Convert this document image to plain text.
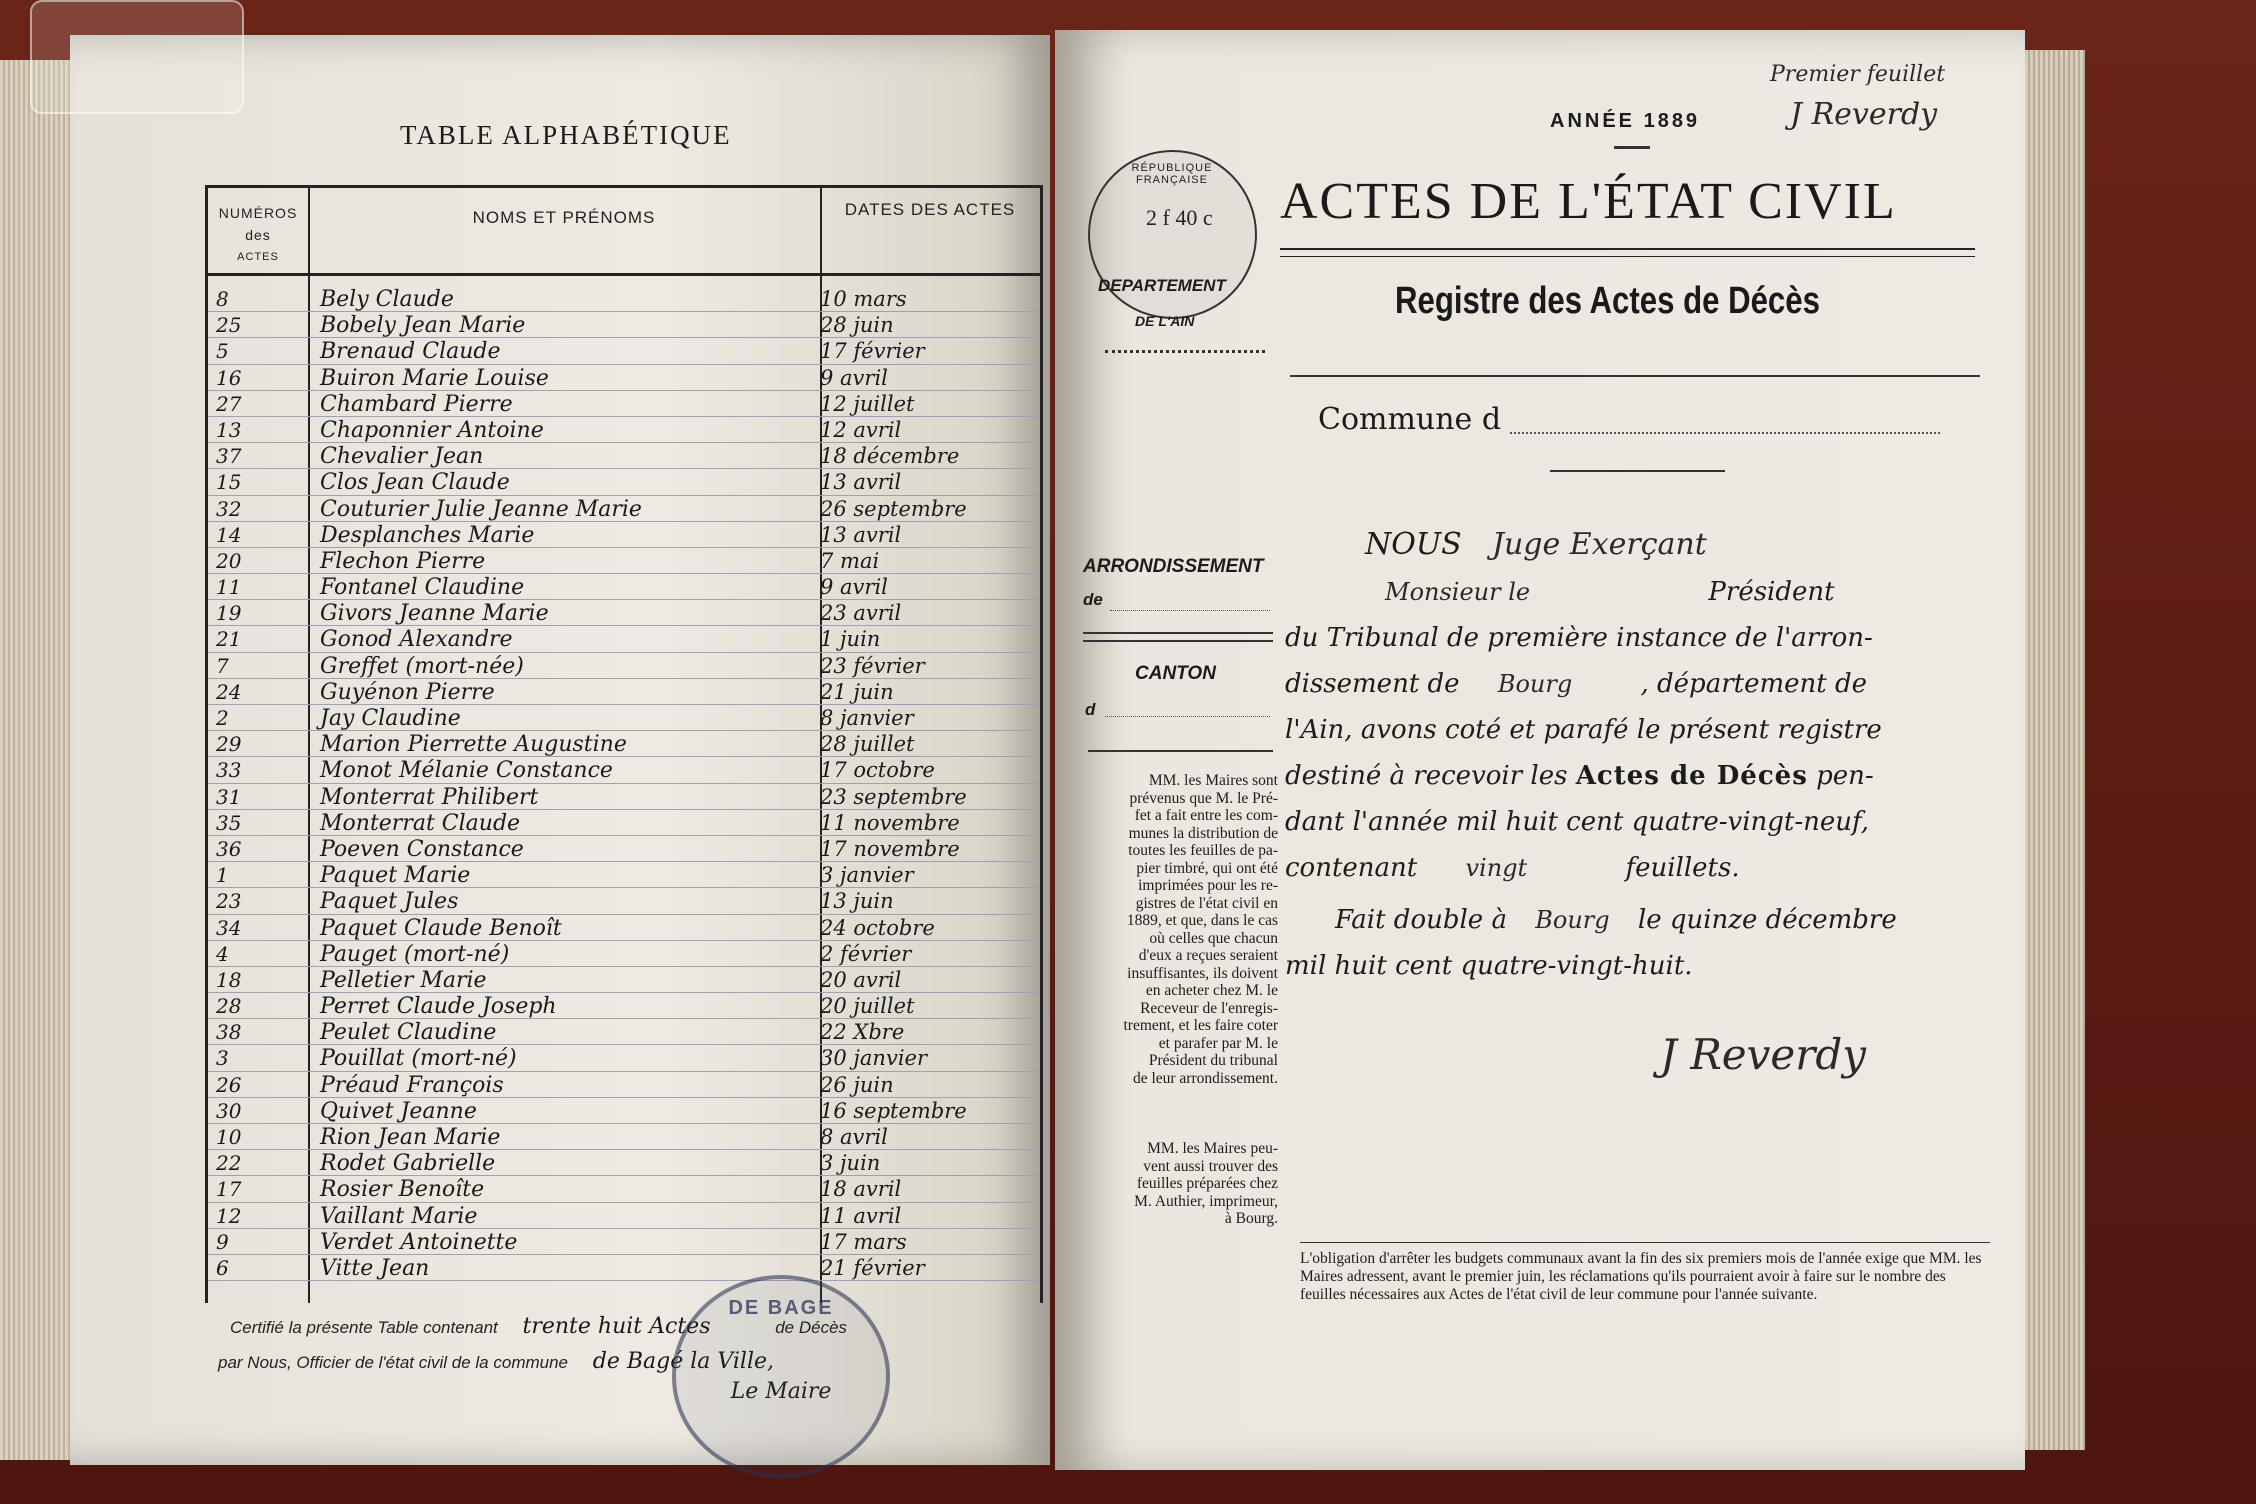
TABLE ALPHABÉTIQUE
NUMÉROS
des
ACTES
NOMS ET PRÉNOMS	DATES DES ACTES
8	Bely Claude	10 mars
25	Bobely Jean Marie	28 juin
5	Brenaud Claude	17 février
16	Buiron Marie Louise	9 avril
27	Chambard Pierre	12 juillet
13	Chaponnier Antoine	12 avril
37	Chevalier Jean	18 décembre
15	Clos Jean Claude	13 avril
32	Couturier Julie Jeanne Marie	26 septembre
14	Desplanches Marie	13 avril
20	Flechon Pierre	7 mai
11	Fontanel Claudine	9 avril
19	Givors Jeanne Marie	23 avril
21	Gonod Alexandre	1 juin
7	Greffet (mort-née)	23 février
24	Guyénon Pierre	21 juin
2	Jay Claudine	8 janvier
29	Marion Pierrette Augustine	28 juillet
33	Monot Mélanie Constance	17 octobre
31	Monterrat Philibert	23 septembre
35	Monterrat Claude	11 novembre
36	Poeven Constance	17 novembre
1	Paquet Marie	3 janvier
23	Paquet Jules	13 juin
34	Paquet Claude Benoît	24 octobre
4	Pauget (mort-né)	2 février
18	Pelletier Marie	20 avril
28	Perret Claude Joseph	20 juillet
38	Peulet Claudine	22 Xbre
3	Pouillat (mort-né)	30 janvier
26	Préaud François	26 juin
30	Quivet Jeanne	16 septembre
10	Rion Jean Marie	8 avril
22	Rodet Gabrielle	3 juin
17	Rosier Benoîte	18 avril
12	Vaillant Marie	11 avril
9	Verdet Antoinette	17 mars
6	Vitte Jean	21 février
Certifié la présente Table contenant trente huit Actes	de Décès
par Nous, Officier de l'état civil de la commune de Bagé la Ville,
DE BAGE
Le Maire
Premier feuillet
J Reverdy
ANNÉE 1889
ACTES DE L'ÉTAT CIVIL
RÉPUBLIQUE FRANÇAISE
2 f 40 c
DEPARTEMENT
DE L'AIN	Registre des Actes de Décès
Commune d
ARRONDISSEMENT
de
CANTON
d
MM. les Maires sont
prévenus que M. le Pré-
fet a fait entre les com-
munes la distribution de
toutes les feuilles de pa-
pier timbré, qui ont été
imprimées pour les re-
gistres de l'état civil en
1889, et que, dans le cas
où celles que chacun
d'eux a reçues seraient
insuffisantes, ils doivent
en acheter chez M. le
Receveur de l'enregis-
trement, et les faire coter
et parafer par M. le
Président du tribunal
de leur arrondissement.
MM. les Maires peu-
vent aussi trouver des
feuilles préparées chez
M. Authier, imprimeur,
à Bourg.
NOUS Juge Exerçant
Monsieur le	Président
du Tribunal de première instance de l'arron-
dissement de Bourg	, département de
l'Ain, avons coté et parafé le présent registre
destiné à recevoir les Actes de Décès pen-
dant l'année mil huit cent quatre-vingt-neuf,
contenant vingt	feuillets.
Fait double à Bourg le quinze décembre
mil huit cent quatre-vingt-huit.
J Reverdy
L'obligation d'arrêter les budgets communaux avant la fin des six premiers mois de l'année exige que MM. les Maires adressent, avant le premier juin, les réclamations qu'ils pourraient avoir à faire sur le nombre des feuilles nécessaires aux Actes de l'état civil de leur commune pour l'année suivante.
